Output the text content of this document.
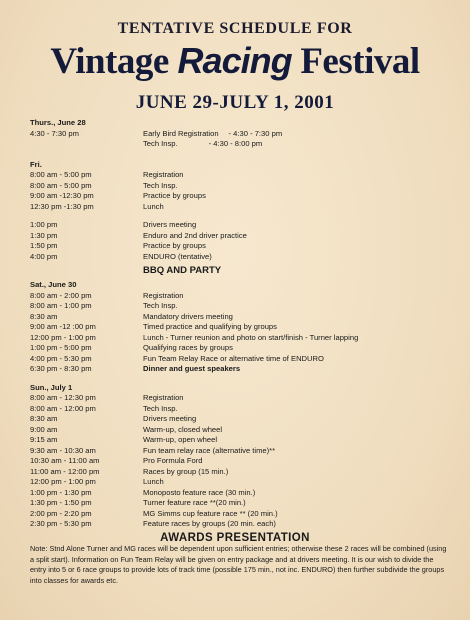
TENTATIVE SCHEDULE FOR
Vintage Racing Festival
JUNE 29-JULY 1, 2001
Thurs., June 28
4:30 - 7:30 pm	Early Bird Registration - 4:30 - 7:30 pm
Tech Insp.	- 4:30 - 8:00 pm
Fri.
8:00 am - 5:00 pm	Registration
8:00 am - 5:00 pm	Tech Insp.
9:00 am -12:30 pm	Practice by groups
12:30 pm -1:30 pm	Lunch
1:00 pm	Drivers meeting
1:30 pm	Enduro and 2nd driver practice
1:50 pm	Practice by groups
4:00 pm	ENDURO (tentative)
BBQ AND PARTY
Sat., June 30
8:00 am - 2:00 pm	Registration
8:00 am - 1:00 pm	Tech Insp.
8:30 am	Mandatory drivers meeting
9:00 am -12 :00 pm	Timed practice and qualifying by groups
12:00 pm - 1:00 pm	Lunch - Turner reunion and photo on start/finish - Turner lapping
1:00 pm - 5:00 pm	Qualifying races by groups
4:00 pm - 5:30 pm	Fun Team Relay Race or alternative time of ENDURO
6:30 pm - 8:30 pm	Dinner and guest speakers
Sun., July 1
8:00 am - 12:30 pm	Registration
8:00 am - 12:00 pm	Tech Insp.
8:30 am	Drivers meeting
9:00 am	Warm-up, closed wheel
9:15 am	Warm-up, open wheel
9:30 am - 10:30 am	Fun team relay race (alternative time)**
10:30 am - 11:00 am	Pro Formula Ford
11:00 am - 12:00 pm	Races by group (15 min.)
12:00 pm - 1:00 pm	Lunch
1:00 pm - 1:30 pm	Monoposto feature race (30 min.)
1:30 pm - 1:50 pm	Turner feature race **(20 min.)
2:00 pm - 2:20 pm	MG Simms cup feature race ** (20 min.)
2:30 pm - 5:30 pm	Feature races by groups (20 min. each)
AWARDS PRESENTATION
Note: Stnd Alone Turner and MG races will be dependent upon sufficient entries; otherwise these 2 races will be combined (using a split start). Information on Fun Team Relay will be given on entry package and at drivers meeting. It is our wish to divide the entry into 5 or 6 race groups to provide lots of track time (possible 175 min., not inc. ENDURO) then further subdivide the groups into classes for awards etc.
